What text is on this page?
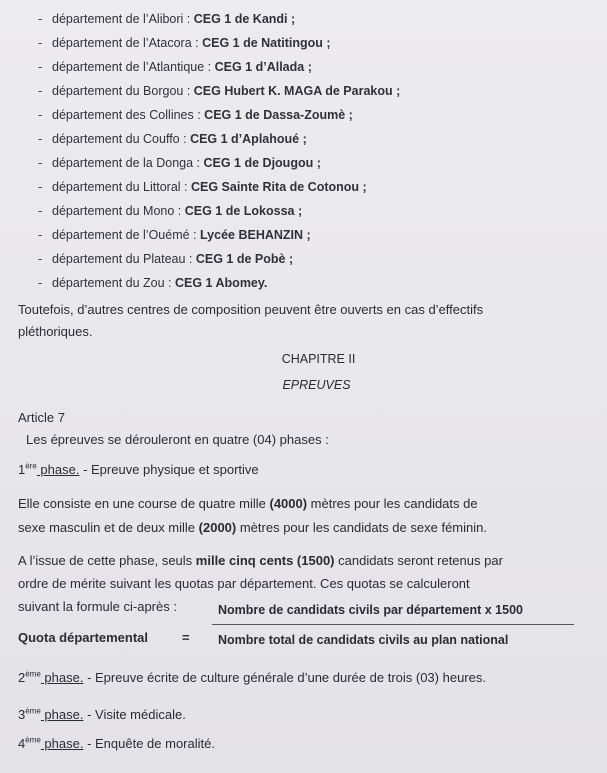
- département de l’Alibori : CEG 1 de Kandi ;
- département de l’Atacora : CEG 1 de Natitingou ;
- département de l’Atlantique : CEG 1 d’Allada ;
- département du Borgou : CEG Hubert K. MAGA de Parakou ;
- département des Collines : CEG 1 de Dassa-Zoumè ;
- département du Couffo : CEG 1 d’Aplahoué ;
- département de la Donga : CEG 1 de Djougou ;
- département du Littoral : CEG Sainte Rita de Cotonou ;
- département du Mono : CEG 1 de Lokossa ;
- département de l’Ouémé : Lycée BEHANZIN ;
- département du Plateau : CEG 1 de Pobè ;
- département du Zou : CEG 1 Abomey.
Toutefois, d’autres centres de composition peuvent être ouverts en cas d’effectifs
pléthoriques.
CHAPITRE II
EPREUVES
Article 7
Les épreuves se dérouleront en quatre (04) phases :
1ère phase. - Epreuve physique et sportive
Elle consiste en une course de quatre mille (4000) mètres pour les candidats de
sexe masculin et de deux mille (2000) mètres pour les candidats de sexe féminin.
A l’issue de cette phase, seuls mille cinq cents (1500) candidats seront retenus par
ordre de mérite suivant les quotas par département. Ces quotas se calculeront
suivant la formule ci-après :
Quota départemental	=
Nombre de candidats civils par département x 1500
Nombre total de candidats civils au plan national
2ème phase. - Epreuve écrite de culture générale d’une durée de trois (03) heures.
3ème phase. - Visite médicale.
4ème phase. - Enquête de moralité.
